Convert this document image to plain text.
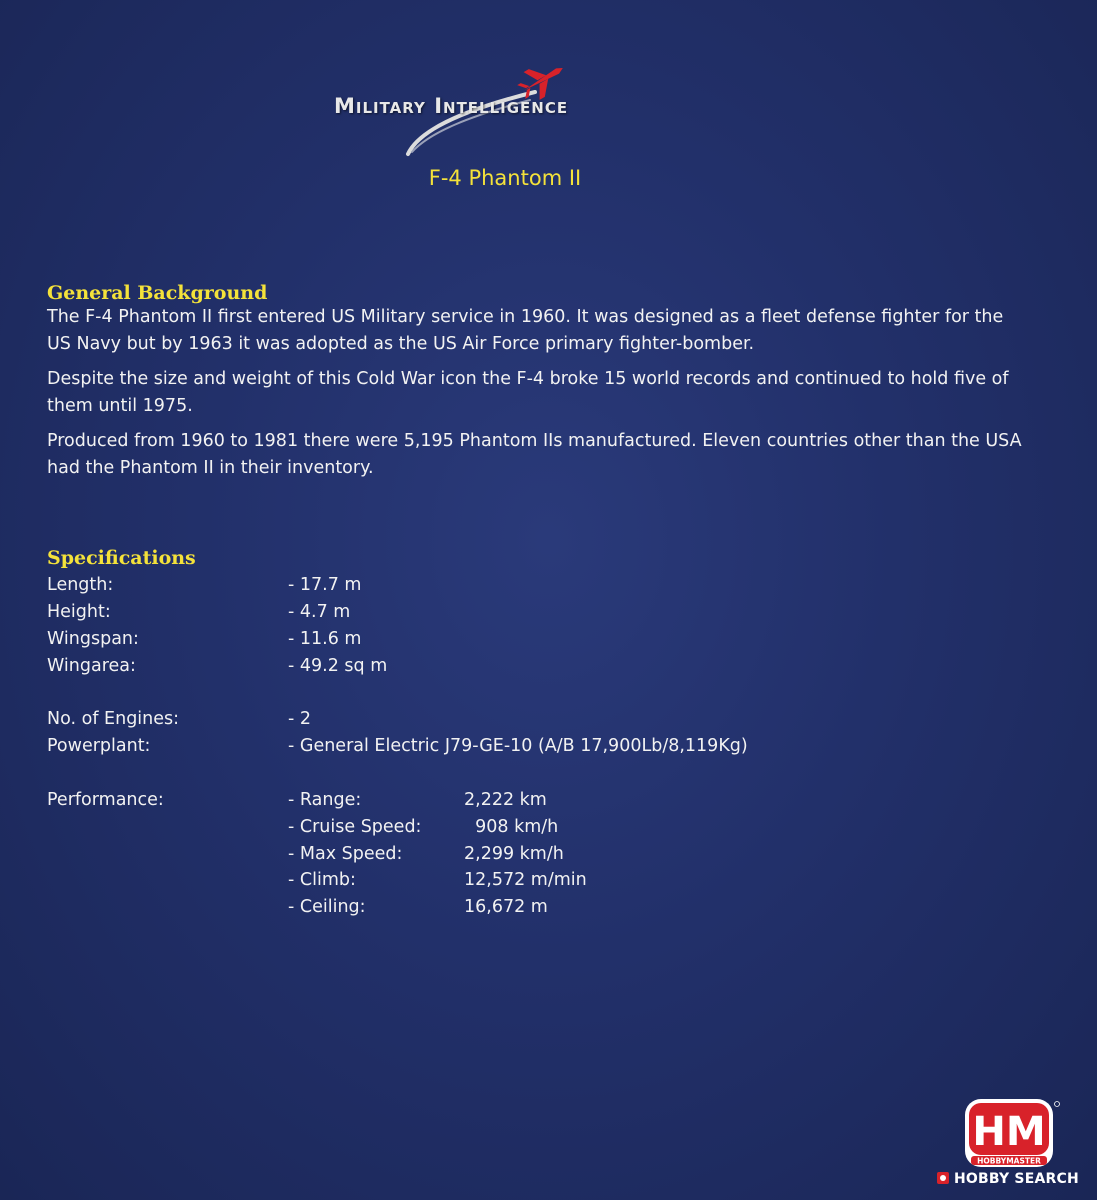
Military Intelligence
F-4 Phantom II
General Background

The F-4 Phantom II first entered US Military service in 1960. It was designed as a fleet defense fighter for the US Navy but by 1963 it was adopted as the US Air Force primary fighter-bomber.

Despite the size and weight of this Cold War icon the F-4 broke 15 world records and continued to hold five of them until 1975.

Produced from 1960 to 1981 there were 5,195 Phantom IIs manufactured. Eleven countries other than the USA had the Phantom II in their inventory.

Specifications
Length:	- 17.7 m
Height:	- 4.7 m
Wingspan:	- 11.6 m
Wingarea:	- 49.2 sq m
No. of Engines:	- 2
Powerplant:	- General Electric J79-GE-10 (A/B 17,900Lb/8,119Kg)
Performance:	- Range:	2,222 km
- Cruise Speed: 908 km/h
- Max Speed:	2,299 km/h
- Climb:	12,572 m/min
- Ceiling:	16,672 m
HM
HOBBYMASTER
HOBBY SEARCH
